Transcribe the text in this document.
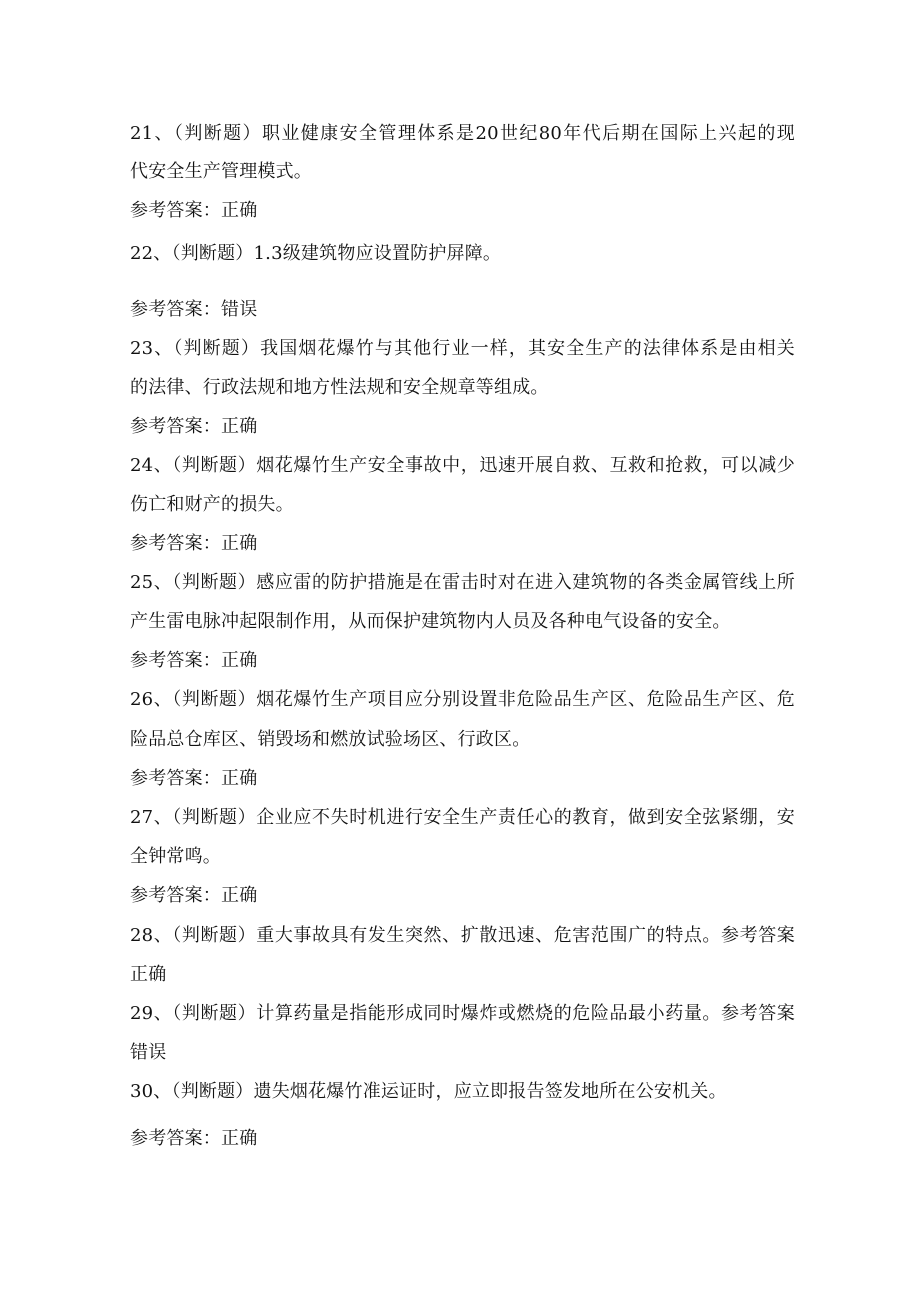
21、（判断题）职业健康安全管理体系是20世纪80年代后期在国际上兴起的现
代安全生产管理模式。
参考答案：正确
22、（判断题）1.3级建筑物应设置防护屏障。
参考答案：错误
23、（判断题）我国烟花爆竹与其他行业一样，其安全生产的法律体系是由相关
的法律、行政法规和地方性法规和安全规章等组成。
参考答案：正确
24、（判断题）烟花爆竹生产安全事故中，迅速开展自救、互救和抢救，可以减少
伤亡和财产的损失。
参考答案：正确
25、（判断题）感应雷的防护措施是在雷击时对在进入建筑物的各类金属管线上所
产生雷电脉冲起限制作用，从而保护建筑物内人员及各种电气设备的安全。
参考答案：正确
26、（判断题）烟花爆竹生产项目应分别设置非危险品生产区、危险品生产区、危
险品总仓库区、销毁场和燃放试验场区、行政区。
参考答案：正确
27、（判断题）企业应不失时机进行安全生产责任心的教育，做到安全弦紧绷，安
全钟常鸣。
参考答案：正确
28、（判断题）重大事故具有发生突然、扩散迅速、危害范围广的特点。参考答案
正确
29、（判断题）计算药量是指能形成同时爆炸或燃烧的危险品最小药量。参考答案
错误
30、（判断题）遗失烟花爆竹准运证时，应立即报告签发地所在公安机关。
参考答案：正确
